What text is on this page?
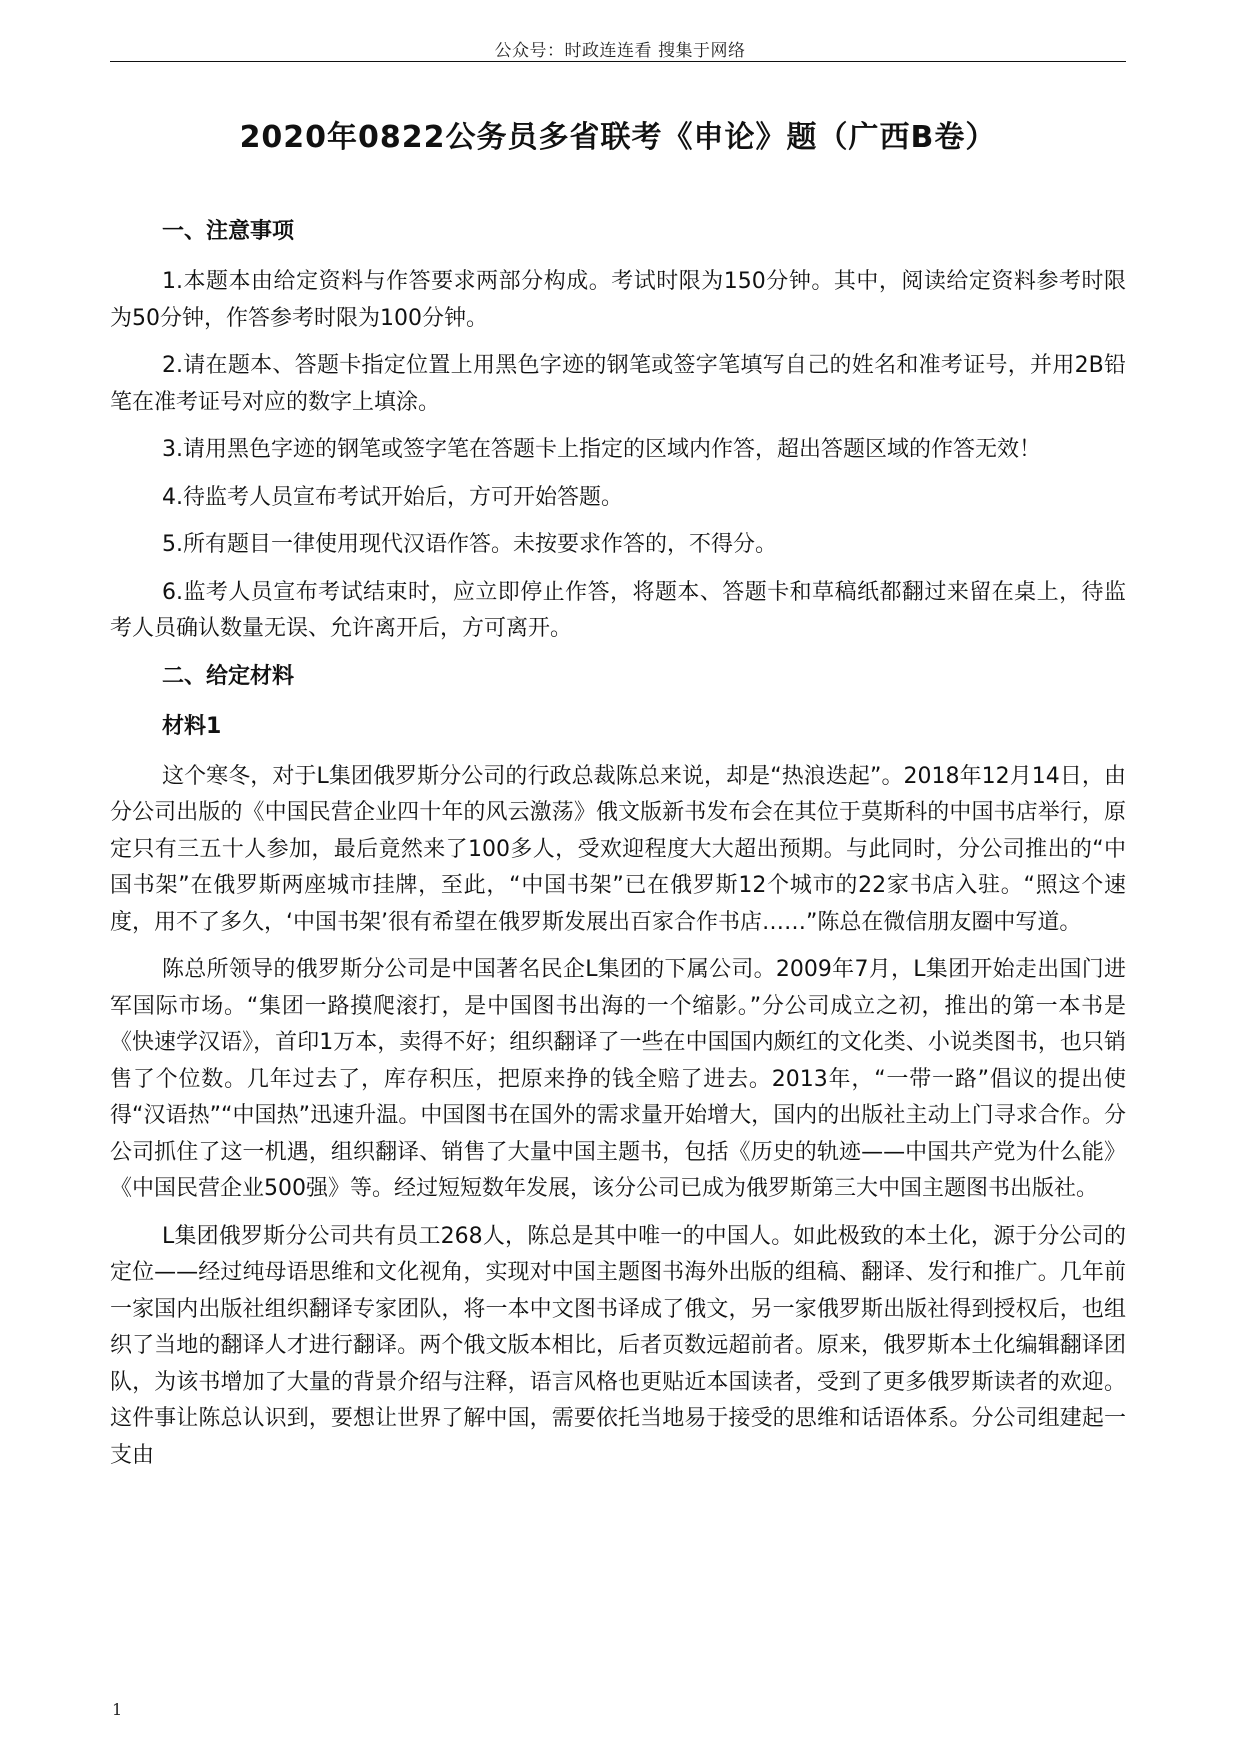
公众号：时政连连看 搜集于网络
2020年0822公务员多省联考《申论》题（广西B卷）
一、注意事项

1.本题本由给定资料与作答要求两部分构成。考试时限为150分钟。其中，阅读给定资料参考时限为50分钟，作答参考时限为100分钟。

2.请在题本、答题卡指定位置上用黑色字迹的钢笔或签字笔填写自己的姓名和准考证号，并用2B铅笔在准考证号对应的数字上填涂。

3.请用黑色字迹的钢笔或签字笔在答题卡上指定的区域内作答，超出答题区域的作答无效！

4.待监考人员宣布考试开始后，方可开始答题。

5.所有题目一律使用现代汉语作答。未按要求作答的，不得分。

6.监考人员宣布考试结束时，应立即停止作答，将题本、答题卡和草稿纸都翻过来留在桌上，待监考人员确认数量无误、允许离开后，方可离开。

二、给定材料
材料1

这个寒冬，对于L集团俄罗斯分公司的行政总裁陈总来说，却是“热浪迭起”。2018年12月14日，由分公司出版的《中国民营企业四十年的风云激荡》俄文版新书发布会在其位于莫斯科的中国书店举行，原定只有三五十人参加，最后竟然来了100多人，受欢迎程度大大超出预期。与此同时，分公司推出的“中国书架”在俄罗斯两座城市挂牌，至此，“中国书架”已在俄罗斯12个城市的22家书店入驻。“照这个速度，用不了多久，‘中国书架’很有希望在俄罗斯发展出百家合作书店……”陈总在微信朋友圈中写道。

陈总所领导的俄罗斯分公司是中国著名民企L集团的下属公司。2009年7月，L集团开始走出国门进军国际市场。“集团一路摸爬滚打，是中国图书出海的一个缩影。”分公司成立之初，推出的第一本书是《快速学汉语》，首印1万本，卖得不好；组织翻译了一些在中国国内颇红的文化类、小说类图书，也只销售了个位数。几年过去了，库存积压，把原来挣的钱全赔了进去。2013年，“一带一路”倡议的提出使得“汉语热”“中国热”迅速升温。中国图书在国外的需求量开始增大，国内的出版社主动上门寻求合作。分公司抓住了这一机遇，组织翻译、销售了大量中国主题书，包括《历史的轨迹——中国共产党为什么能》《中国民营企业500强》等。经过短短数年发展，该分公司已成为俄罗斯第三大中国主题图书出版社。

L集团俄罗斯分公司共有员工268人，陈总是其中唯一的中国人。如此极致的本土化，源于分公司的定位——经过纯母语思维和文化视角，实现对中国主题图书海外出版的组稿、翻译、发行和推广。几年前一家国内出版社组织翻译专家团队，将一本中文图书译成了俄文，另一家俄罗斯出版社得到授权后，也组织了当地的翻译人才进行翻译。两个俄文版本相比，后者页数远超前者。原来，俄罗斯本土化编辑翻译团队，为该书增加了大量的背景介绍与注释，语言风格也更贴近本国读者，受到了更多俄罗斯读者的欢迎。这件事让陈总认识到，要想让世界了解中国，需要依托当地易于接受的思维和话语体系。分公司组建起一支由

1
